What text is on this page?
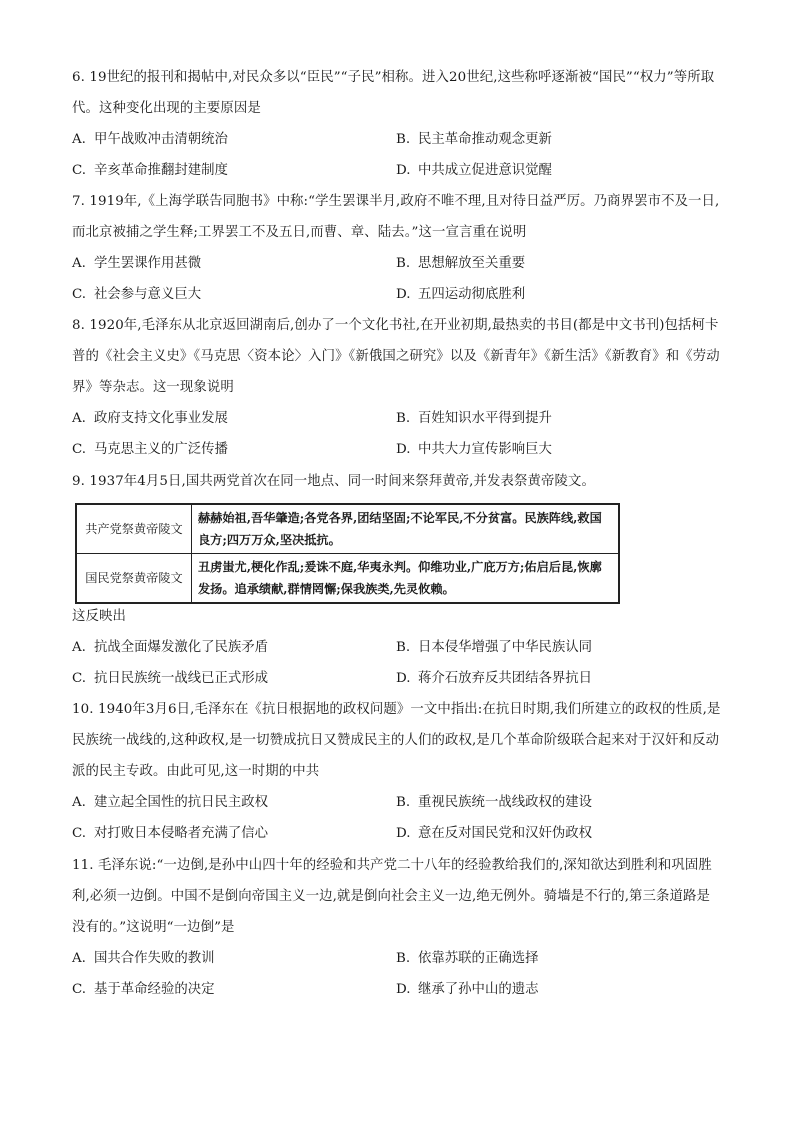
6. 19世纪的报刊和揭帖中,对民众多以“臣民”“子民”相称。进入20世纪,这些称呼逐渐被“国民”“权力”等所取代。这种变化出现的主要原因是

A. 甲午战败冲击清朝统治	B. 民主革命推动观念更新
C. 辛亥革命推翻封建制度	D. 中共成立促进意识觉醒

7. 1919年,《上海学联告同胞书》中称:“学生罢课半月,政府不唯不理,且对待日益严厉。乃商界罢市不及一日,而北京被捕之学生释;工界罢工不及五日,而曹、章、陆去。”这一宣言重在说明

A. 学生罢课作用甚微	B. 思想解放至关重要
C. 社会参与意义巨大	D. 五四运动彻底胜利

8. 1920年,毛泽东从北京返回湖南后,创办了一个文化书社,在开业初期,最热卖的书目(都是中文书刊)包括柯卡普的《社会主义史》《马克思〈资本论〉入门》《新俄国之研究》以及《新青年》《新生活》《新教育》和《劳动界》等杂志。这一现象说明

A. 政府支持文化事业发展	B. 百姓知识水平得到提升
C. 马克思主义的广泛传播	D. 中共大力宣传影响巨大

9. 1937年4月5日,国共两党首次在同一地点、同一时间来祭拜黄帝,并发表祭黄帝陵文。

共产党祭黄帝陵文	赫赫始祖,吾华肇造;各党各界,团结坚固;不论军民,不分贫富。民族阵线,救国良方;四万万众,坚决抵抗。
国民党祭黄帝陵文	丑虏蚩尤,梗化作乱;爰诛不庭,华夷永判。仰维功业,广庇万方;佑启后昆,恢廓发扬。追承绩献,群情罔懈;保我族类,先灵攸赖。

这反映出

A. 抗战全面爆发激化了民族矛盾	B. 日本侵华增强了中华民族认同
C. 抗日民族统一战线已正式形成	D. 蒋介石放弃反共团结各界抗日

10. 1940年3月6日,毛泽东在《抗日根据地的政权问题》一文中指出:在抗日时期,我们所建立的政权的性质,是民族统一战线的,这种政权,是一切赞成抗日又赞成民主的人们的政权,是几个革命阶级联合起来对于汉奸和反动派的民主专政。由此可见,这一时期的中共

A. 建立起全国性的抗日民主政权	B. 重视民族统一战线政权的建设
C. 对打败日本侵略者充满了信心	D. 意在反对国民党和汉奸伪政权

11. 毛泽东说:“一边倒,是孙中山四十年的经验和共产党二十八年的经验教给我们的,深知欲达到胜利和巩固胜利,必须一边倒。中国不是倒向帝国主义一边,就是倒向社会主义一边,绝无例外。骑墙是不行的,第三条道路是没有的。”这说明“一边倒”是

A. 国共合作失败的教训	B. 依靠苏联的正确选择
C. 基于革命经验的决定	D. 继承了孙中山的遗志
